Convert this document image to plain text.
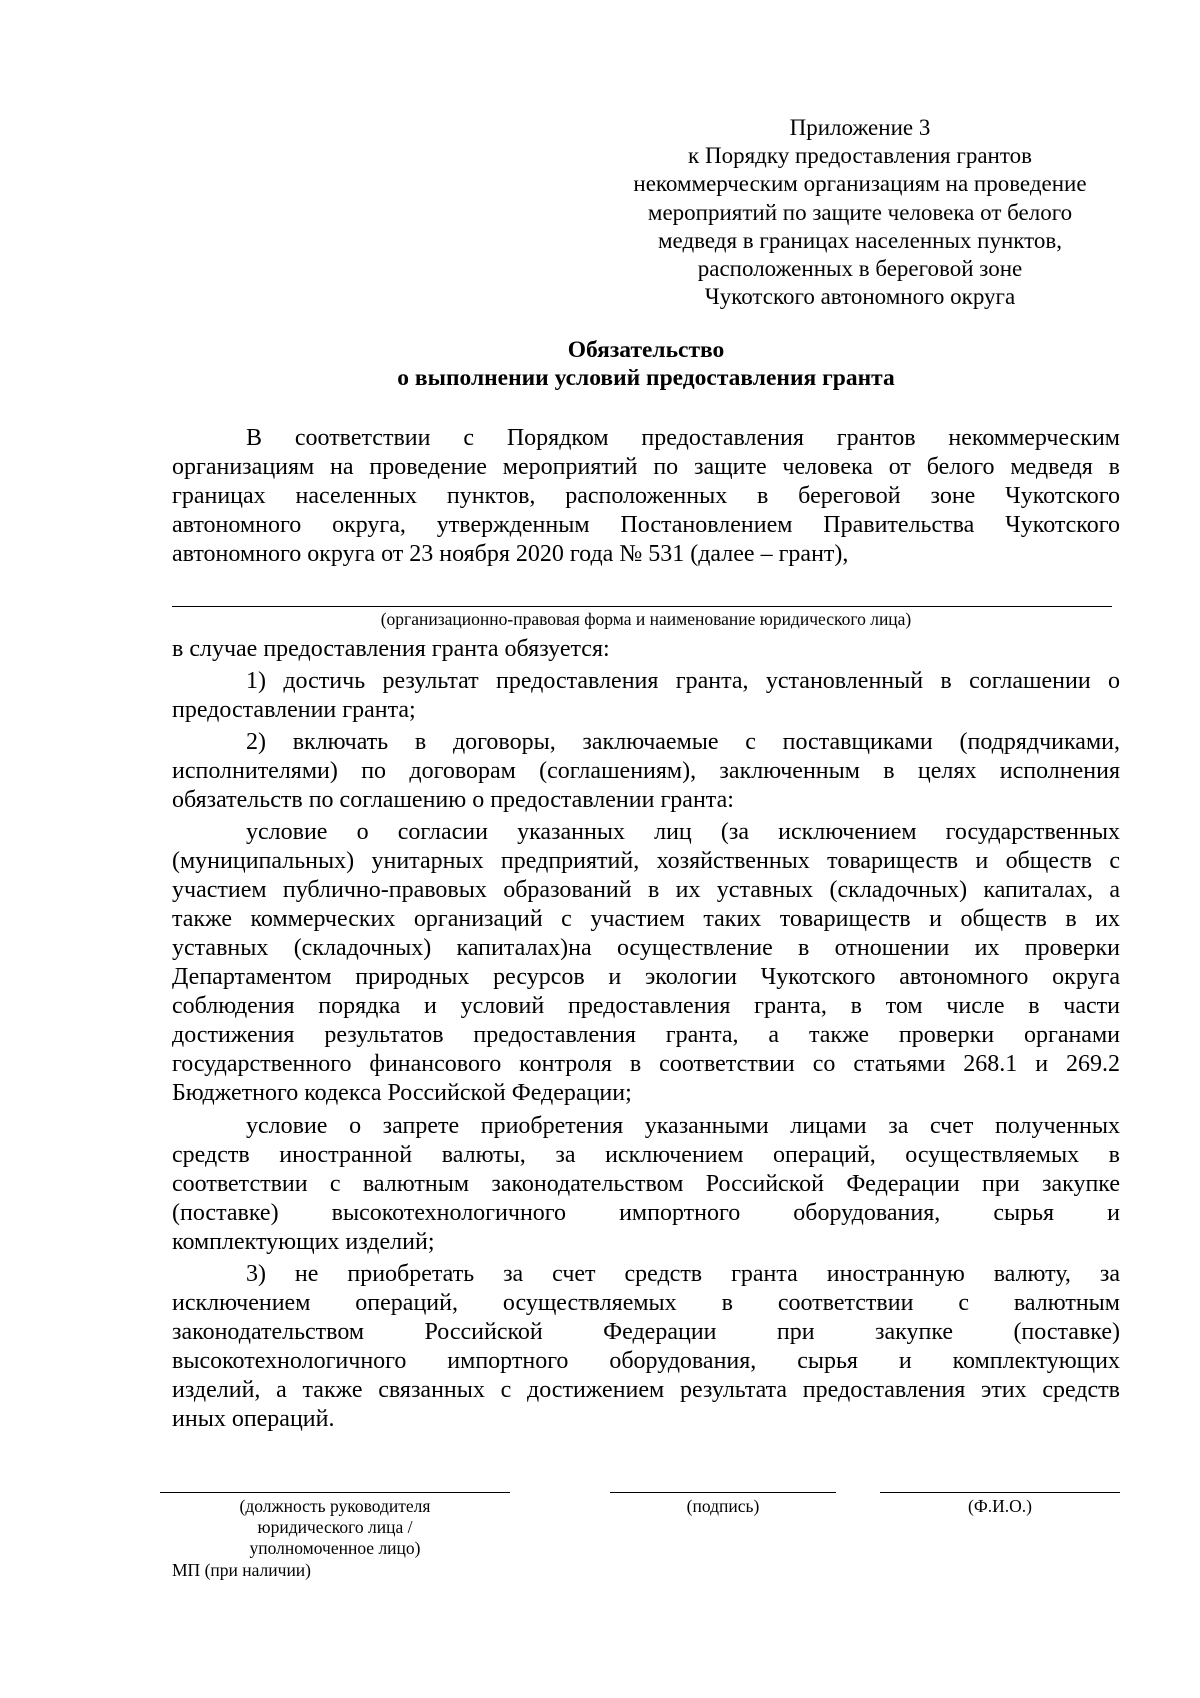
Приложение 3
к Порядку предоставления грантов
некоммерческим организациям на проведение
мероприятий по защите человека от белого
медведя в границах населенных пунктов,
расположенных в береговой зоне
Чукотского автономного округа
Обязательство
о выполнении условий предоставления гранта
В соответствии с Порядком предоставления грантов некоммерческим
организациям на проведение мероприятий по защите человека от белого медведя в
границах населенных пунктов, расположенных в береговой зоне Чукотского
автономного округа, утвержденным Постановлением Правительства Чукотского
автономного округа от 23 ноября 2020 года № 531 (далее – грант),
(организационно-правовая форма и наименование юридического лица)
в случае предоставления гранта обязуется:
1) достичь результат предоставления гранта, установленный в соглашении о
предоставлении гранта;
2) включать в договоры, заключаемые с поставщиками (подрядчиками,
исполнителями) по договорам (соглашениям), заключенным в целях исполнения
обязательств по соглашению о предоставлении гранта:
условие о согласии указанных лиц (за исключением государственных
(муниципальных) унитарных предприятий, хозяйственных товариществ и обществ с
участием публично-правовых образований в их уставных (складочных) капиталах, а
также коммерческих организаций с участием таких товариществ и обществ в их
уставных (складочных) капиталах)на осуществление в отношении их проверки
Департаментом природных ресурсов и экологии Чукотского автономного округа
соблюдения порядка и условий предоставления гранта, в том числе в части
достижения результатов предоставления гранта, а также проверки органами
государственного финансового контроля в соответствии со статьями 268.1 и 269.2
Бюджетного кодекса Российской Федерации;
условие о запрете приобретения указанными лицами за счет полученных
средств иностранной валюты, за исключением операций, осуществляемых в
соответствии с валютным законодательством Российской Федерации при закупке
(поставке) высокотехнологичного импортного оборудования, сырья и
комплектующих изделий;
3) не приобретать за счет средств гранта иностранную валюту, за
исключением операций, осуществляемых в соответствии с валютным
законодательством Российской Федерации при закупке (поставке)
высокотехнологичного импортного оборудования, сырья и комплектующих
изделий, а также связанных с достижением результата предоставления этих средств
иных операций.
(должность руководителя
юридического лица /
уполномоченное лицо)
(подпись)	(Ф.И.О.)
МП (при наличии)
